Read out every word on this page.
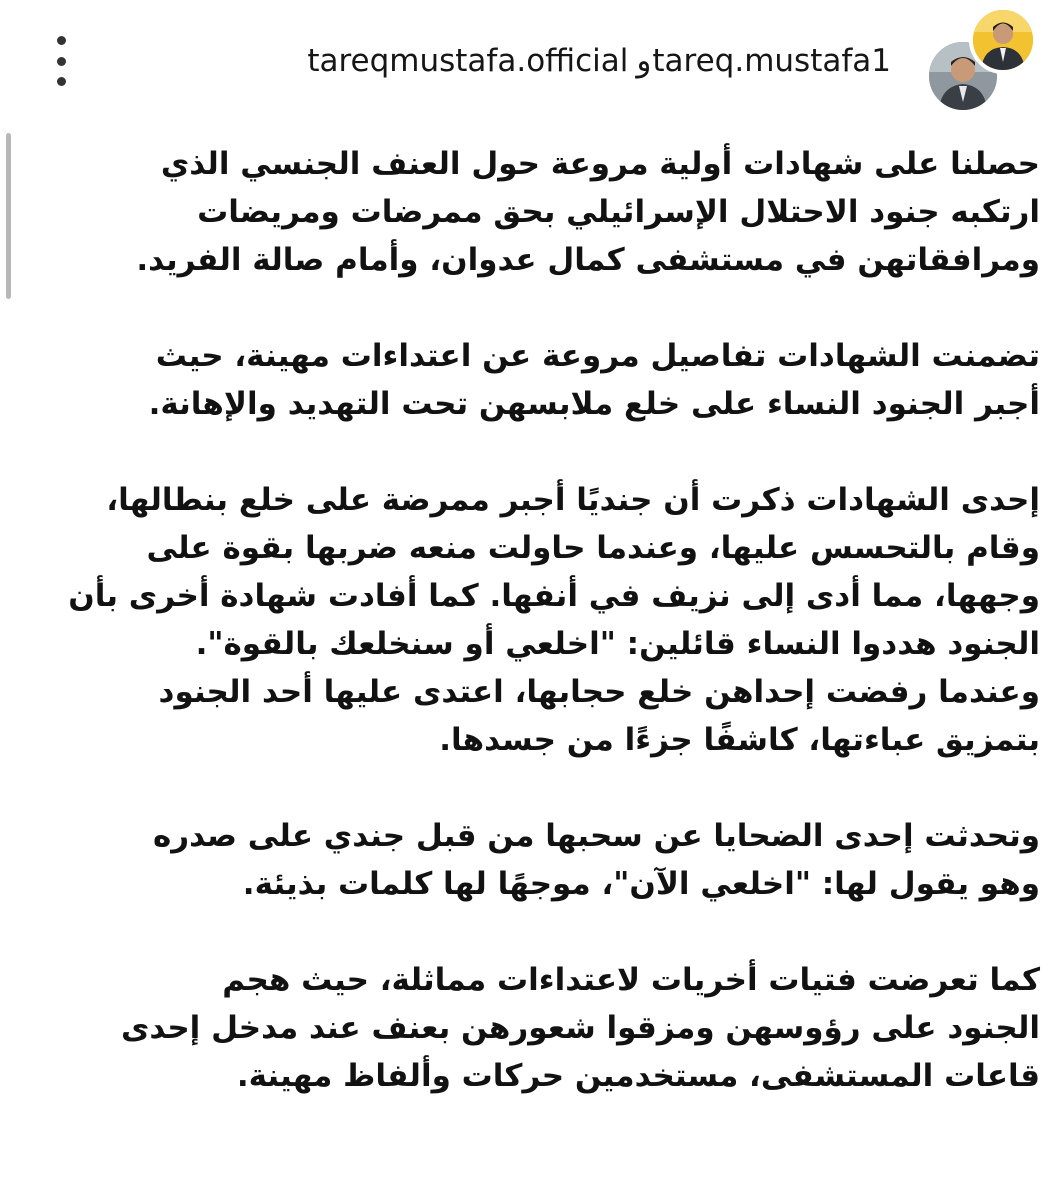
tareqmustafa.official و tareq.mustafa1

حصلنا على شهادات أولية مروعة حول العنف الجنسي الذي
ارتكبه جنود الاحتلال الإسرائيلي بحق ممرضات ومريضات
ومرافقاتهن في مستشفى كمال عدوان، وأمام صالة الفريد.

تضمنت الشهادات تفاصيل مروعة عن اعتداءات مهينة، حيث
أجبر الجنود النساء على خلع ملابسهن تحت التهديد والإهانة.

إحدى الشهادات ذكرت أن جنديًا أجبر ممرضة على خلع بنطالها،
وقام بالتحسس عليها، وعندما حاولت منعه ضربها بقوة على
وجهها، مما أدى إلى نزيف في أنفها. كما أفادت شهادة أخرى بأن
الجنود هددوا النساء قائلين: "اخلعي أو سنخلعك بالقوة".
وعندما رفضت إحداهن خلع حجابها، اعتدى عليها أحد الجنود
بتمزيق عباءتها، كاشفًا جزءًا من جسدها.

وتحدثت إحدى الضحايا عن سحبها من قبل جندي على صدره
وهو يقول لها: "اخلعي الآن"، موجهًا لها كلمات بذيئة.

كما تعرضت فتيات أخريات لاعتداءات مماثلة، حيث هجم
الجنود على رؤوسهن ومزقوا شعورهن بعنف عند مدخل إحدى
قاعات المستشفى، مستخدمين حركات وألفاظ مهينة.
